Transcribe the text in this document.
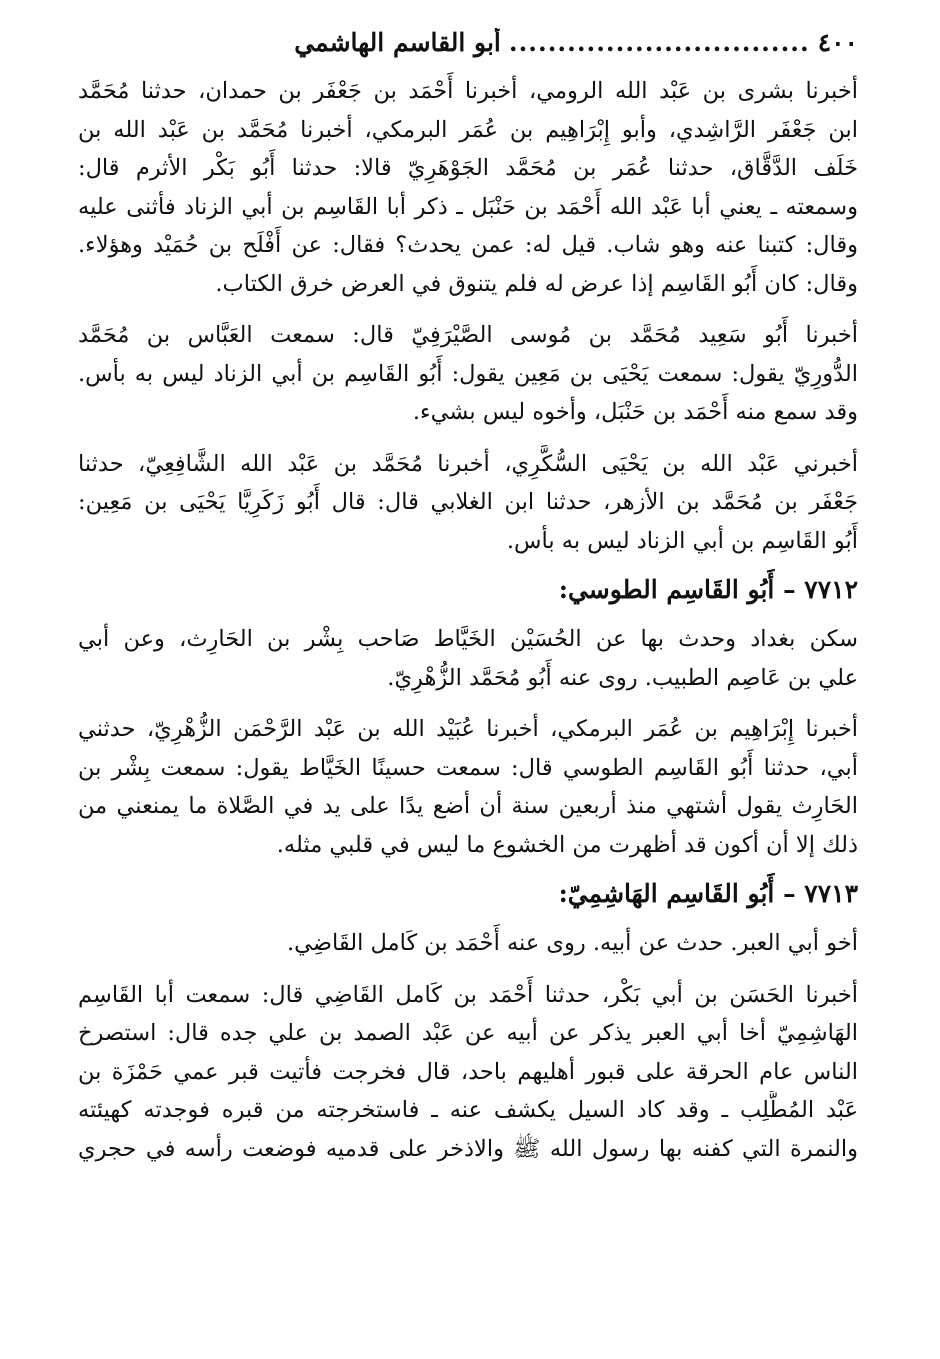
٤٠٠
...............................
أبو القاسم الهاشمي
أخبرنا بشرى بن عَبْد الله الرومي، أخبرنا أَحْمَد بن جَعْفَر بن حمدان، حدثنا مُحَمَّد
ابن جَعْفَر الرَّاشِدي، وأبو إِبْرَاهِيم بن عُمَر البرمكي، أخبرنا مُحَمَّد بن عَبْد الله بن
خَلَف الدَّقَّاق، حدثنا عُمَر بن مُحَمَّد الجَوْهَرِيّ قالا: حدثنا أَبُو بَكْر الأثرم قال:
وسمعته ـ يعني أبا عَبْد الله أَحْمَد بن حَنْبَل ـ ذكر أبا القَاسِم بن أبي الزناد فأثنى عليه
وقال: كتبنا عنه وهو شاب. قيل له: عمن يحدث؟ فقال: عن أَفْلَح بن حُمَيْد وهؤلاء.
وقال: كان أَبُو القَاسِم إذا عرض له فلم يتنوق في العرض خرق الكتاب.
أخبرنا أَبُو سَعِيد مُحَمَّد بن مُوسى الصَّيْرَفِيّ قال: سمعت العَبَّاس بن مُحَمَّد
الدُّورِيّ يقول: سمعت يَحْيَى بن مَعِين يقول: أَبُو القَاسِم بن أبي الزناد ليس به بأس.
وقد سمع منه أَحْمَد بن حَنْبَل، وأخوه ليس بشيء.
أخبرني عَبْد الله بن يَحْيَى السُّكَّرِي، أخبرنا مُحَمَّد بن عَبْد الله الشَّافِعِيّ، حدثنا
جَعْفَر بن مُحَمَّد بن الأزهر، حدثنا ابن الغلابي قال: قال أَبُو زَكَرِيَّا يَحْيَى بن مَعِين:
أَبُو القَاسِم بن أبي الزناد ليس به بأس.
٧٧١٢ – أَبُو القَاسِم الطوسي:
سكن بغداد وحدث بها عن الحُسَيْن الخَيَّاط صَاحب بِشْر بن الحَارِث، وعن أبي
علي بن عَاصِم الطبيب. روى عنه أَبُو مُحَمَّد الزُّهْرِيّ.
أخبرنا إِبْرَاهِيم بن عُمَر البرمكي، أخبرنا عُبَيْد الله بن عَبْد الرَّحْمَن الزُّهْرِيّ، حدثني
أبي، حدثنا أَبُو القَاسِم الطوسي قال: سمعت حسينًا الخَيَّاط يقول: سمعت بِشْر بن
الحَارِث يقول أشتهي منذ أربعين سنة أن أضع يدًا على يد في الصَّلاة ما يمنعني من
ذلك إلا أن أكون قد أظهرت من الخشوع ما ليس في قلبي مثله.
٧٧١٣ – أَبُو القَاسِم الهَاشِمِيّ:
أخو أبي العبر. حدث عن أبيه. روى عنه أَحْمَد بن كَامل القَاضِي.
أخبرنا الحَسَن بن أبي بَكْر، حدثنا أَحْمَد بن كَامل القَاضِي قال: سمعت أبا القَاسِم
الهَاشِمِيّ أخا أبي العبر يذكر عن أبيه عن عَبْد الصمد بن علي جده قال: استصرخ
الناس عام الحرقة على قبور أهليهم باحد، قال فخرجت فأتيت قبر عمي حَمْزَة بن
عَبْد المُطَّلِب ـ وقد كاد السيل يكشف عنه ـ فاستخرجته من قبره فوجدته كهيئته
والنمرة التي كفنه بها رسول الله ﷺ والاذخر على قدميه فوضعت رأسه في حجري
